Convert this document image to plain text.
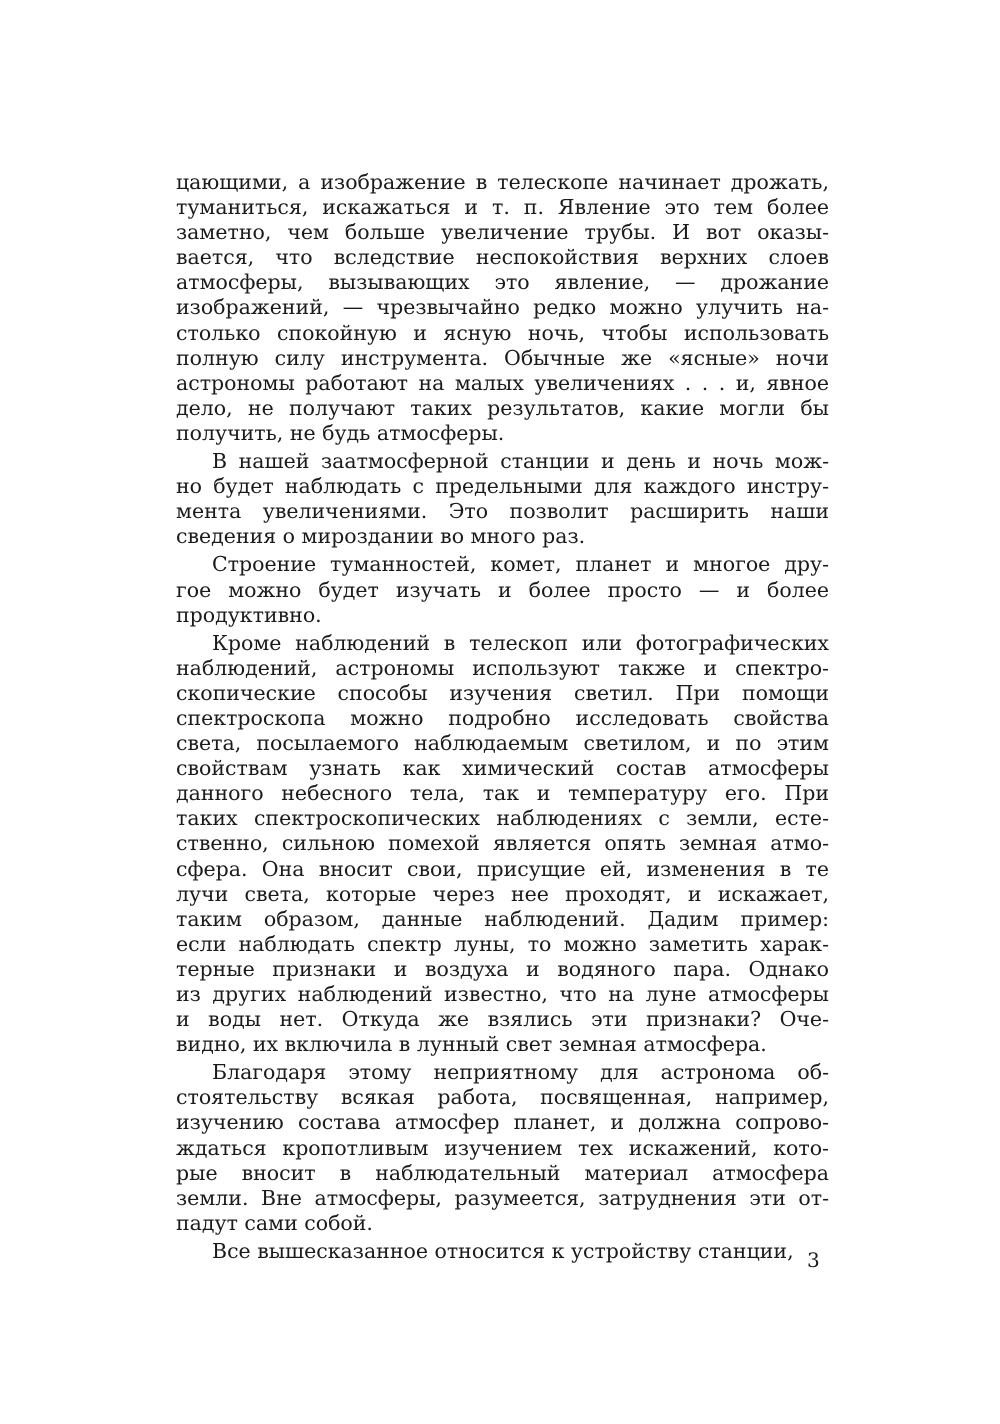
цающими, а изображение в телескопе начинает дрожать,
туманиться, искажаться и т. п. Явление это тем более
заметно, чем больше увеличение трубы. И вот оказы-
вается, что вследствие неспокойствия верхних слоев
атмосферы, вызывающих это явление, — дрожание
изображений, — чрезвычайно редко можно улучить на-
столько спокойную и ясную ночь, чтобы использовать
полную силу инструмента. Обычные же «ясные» ночи
астрономы работают на малых увеличениях . . . и, явное
дело, не получают таких результатов, какие могли бы
получить, не будь атмосферы.
В нашей заатмосферной станции и день и ночь мож-
но будет наблюдать с предельными для каждого инстру-
мента увеличениями. Это позволит расширить наши
сведения о мироздании во много раз.
Строение туманностей, комет, планет и многое дру-
гое можно будет изучать и более просто — и более
продуктивно.
Кроме наблюдений в телескоп или фотографических
наблюдений, астрономы используют также и спектро-
скопические способы изучения светил. При помощи
спектроскопа можно подробно исследовать свойства
света, посылаемого наблюдаемым светилом, и по этим
свойствам узнать как химический состав атмосферы
данного небесного тела, так и температуру его. При
таких спектроскопических наблюдениях с земли, есте-
ственно, сильною помехой является опять земная атмо-
сфера. Она вносит свои, присущие ей, изменения в те
лучи света, которые через нее проходят, и искажает,
таким образом, данные наблюдений. Дадим пример:
если наблюдать спектр луны, то можно заметить харак-
терные признаки и воздуха и водяного пара. Однако
из других наблюдений известно, что на луне атмосферы
и воды нет. Откуда же взялись эти признаки? Оче-
видно, их включила в лунный свет земная атмосфера.
Благодаря этому неприятному для астронома об-
стоятельству всякая работа, посвященная, например,
изучению состава атмосфер планет, и должна сопрово-
ждаться кропотливым изучением тех искажений, кото-
рые вносит в наблюдательный материал атмосфера
земли. Вне атмосферы, разумеется, затруднения эти от-
падут сами собой.
Все вышесказанное относится к устройству станции, 3
